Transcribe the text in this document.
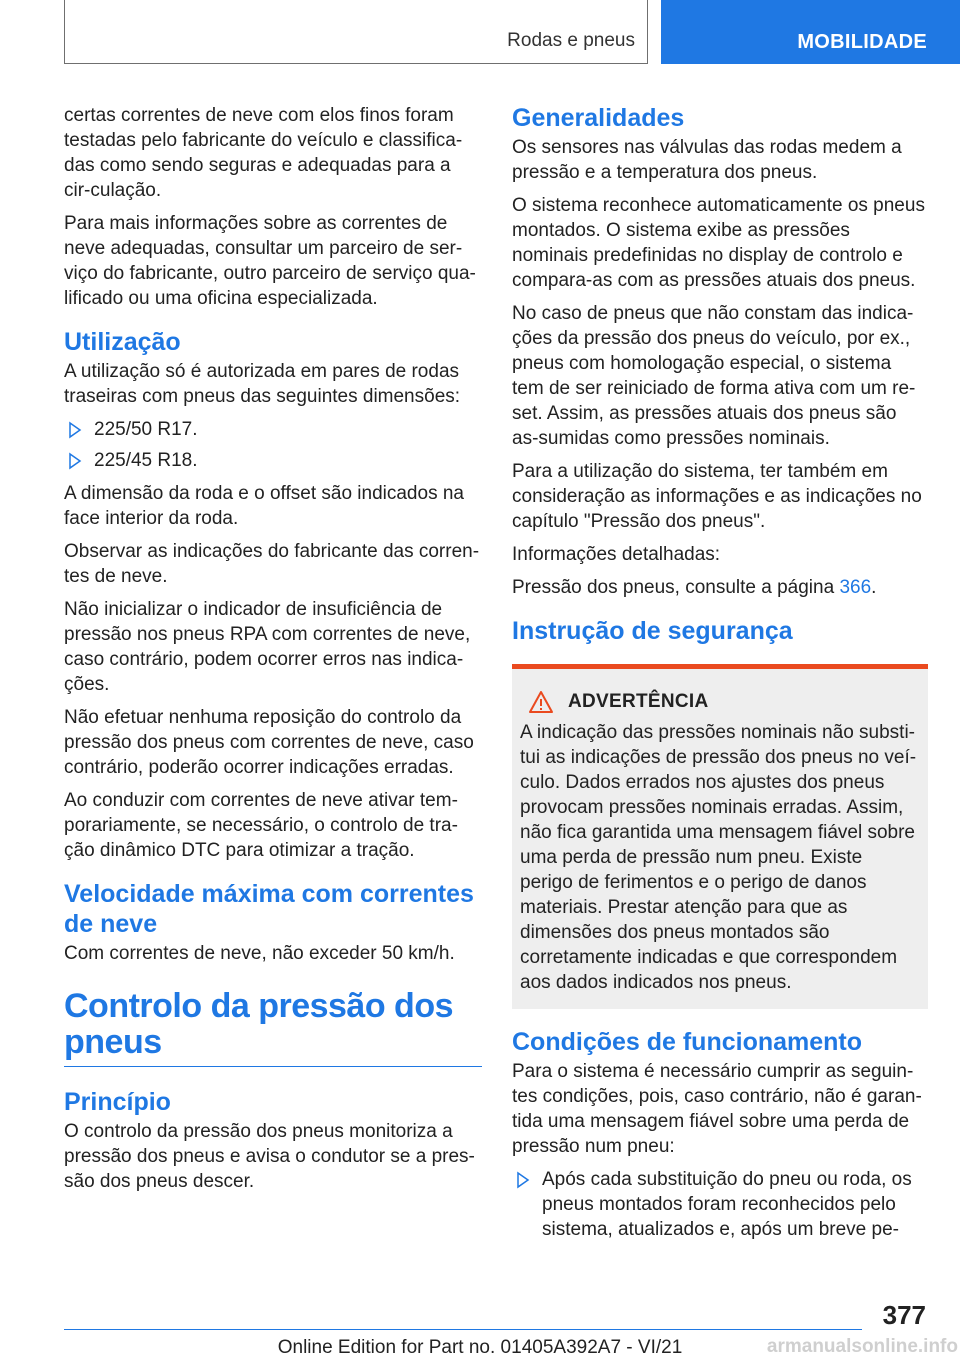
Rodas e pneus	MOBILIDADE

certas correntes de neve com elos finos foram testadas pelo fabricante do veículo e classifica-das como sendo seguras e adequadas para a cir-culação.

Para mais informações sobre as correntes de neve adequadas, consultar um parceiro de ser-viço do fabricante, outro parceiro de serviço qua-lificado ou uma oficina especializada.

Utilização

A utilização só é autorizada em pares de rodas traseiras com pneus das seguintes dimensões:

225/50 R17.
225/45 R18.

A dimensão da roda e o offset são indicados na face interior da roda.

Observar as indicações do fabricante das corren-tes de neve.

Não inicializar o indicador de insuficiência de pressão nos pneus RPA com correntes de neve, caso contrário, podem ocorrer erros nas indica-ções.

Não efetuar nenhuma reposição do controlo da pressão dos pneus com correntes de neve, caso contrário, poderão ocorrer indicações erradas.

Ao conduzir com correntes de neve ativar tem-porariamente, se necessário, o controlo de tra-ção dinâmico DTC para otimizar a tração.

Velocidade máxima com correntes de neve

Com correntes de neve, não exceder 50 km/h.

Controlo da pressão dos pneus
Princípio

O controlo da pressão dos pneus monitoriza a pressão dos pneus e avisa o condutor se a pres-são dos pneus descer.

Generalidades

Os sensores nas válvulas das rodas medem a pressão e a temperatura dos pneus.

O sistema reconhece automaticamente os pneus montados. O sistema exibe as pressões nominais predefinidas no display de controlo e compara-as com as pressões atuais dos pneus.

No caso de pneus que não constam das indica-ções da pressão dos pneus do veículo, por ex., pneus com homologação especial, o sistema tem de ser reiniciado de forma ativa com um re-set. Assim, as pressões atuais dos pneus são as-sumidas como pressões nominais.

Para a utilização do sistema, ter também em consideração as informações e as indicações no capítulo "Pressão dos pneus".

Informações detalhadas:

Pressão dos pneus, consulte a página 366.

Instrução de segurança
ADVERTÊNCIA

A indicação das pressões nominais não substi-tui as indicações de pressão dos pneus no veí-culo. Dados errados nos ajustes dos pneus provocam pressões nominais erradas. Assim, não fica garantida uma mensagem fiável sobre uma perda de pressão num pneu. Existe perigo de ferimentos e o perigo de danos materiais. Prestar atenção para que as dimensões dos pneus montados são corretamente indicadas e que correspondem aos dados indicados nos pneus.

Condições de funcionamento

Para o sistema é necessário cumprir as seguin-tes condições, pois, caso contrário, não é garan-tida uma mensagem fiável sobre uma perda de pressão num pneu:

Após cada substituição do pneu ou roda, os pneus montados foram reconhecidos pelo sistema, atualizados e, após um breve pe-
377
Online Edition for Part no. 01405A392A7 - VI/21	armanualsonline.info
